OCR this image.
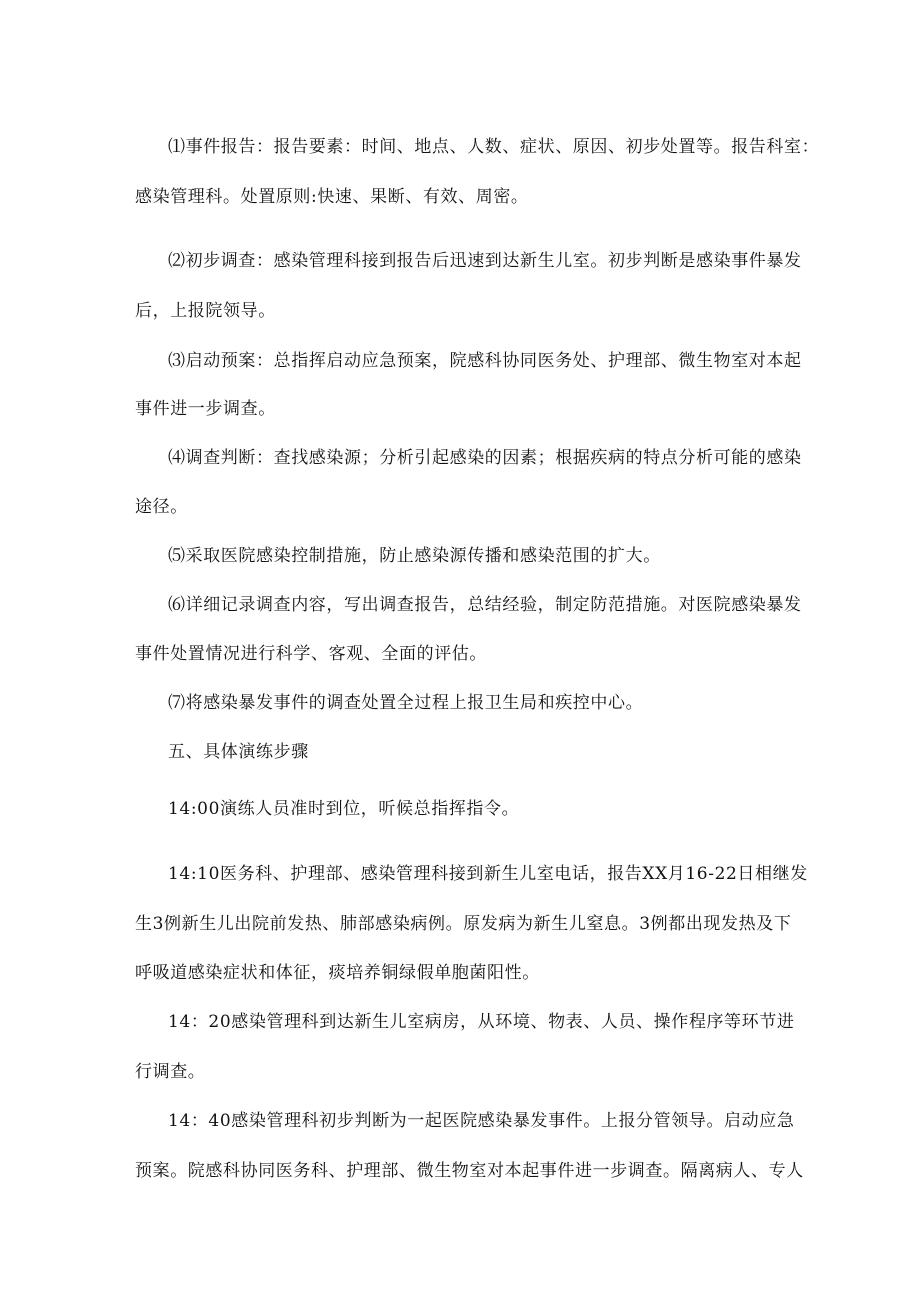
⑴事件报告：报告要素：时间、地点、人数、症状、原因、初步处置等。报告科室：
感染管理科。处置原则:快速、果断、有效、周密。
⑵初步调查：感染管理科接到报告后迅速到达新生儿室。初步判断是感染事件暴发
后，上报院领导。
⑶启动预案：总指挥启动应急预案，院感科协同医务处、护理部、微生物室对本起
事件进一步调查。
⑷调查判断：查找感染源；分析引起感染的因素；根据疾病的特点分析可能的感染
途径。
⑸采取医院感染控制措施，防止感染源传播和感染范围的扩大。
⑹详细记录调查内容，写出调查报告，总结经验，制定防范措施。对医院感染暴发
事件处置情况进行科学、客观、全面的评估。
⑺将感染暴发事件的调查处置全过程上报卫生局和疾控中心。
五、具体演练步骤
14:00演练人员准时到位，听候总指挥指令。
14:10医务科、护理部、感染管理科接到新生儿室电话，报告XX月16-22日相继发
生3例新生儿出院前发热、肺部感染病例。原发病为新生儿窒息。3例都出现发热及下
呼吸道感染症状和体征，痰培养铜绿假单胞菌阳性。
14：20感染管理科到达新生儿室病房，从环境、物表、人员、操作程序等环节进
行调查。
14：40感染管理科初步判断为一起医院感染暴发事件。上报分管领导。启动应急
预案。院感科协同医务科、护理部、微生物室对本起事件进一步调查。隔离病人、专人
